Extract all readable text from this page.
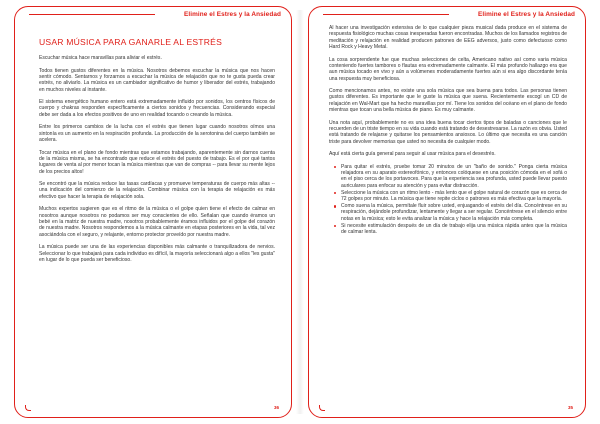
Elimine el Estres y la Ansiedad
USAR MÚSICA PARA GANARLE AL ESTRÉS

Escuchar música hace maravillas para aliviar el estrés.

Todos tienen gustos diferentes en la música. Nosotros debemos escuchar la música que nos hacen sentir cómodo. Sentarnos y forzarnos a escuchar la música de relajación que no te gusta pueda crear estrés, no aliviarlo. La música es un cambiador significativo de humor y liberador del estrés, trabajando en muchos niveles al instante.

El sistema energético humano entero está extremadamente influido por sonidos, los centros físicos de cuerpo y chakras responden específicamente a ciertos sonidos y frecuencias. Considerando especial debe ser dada a los efectos positivos de uno en realidad tocando o creando la música.

Entre los primeros cambios de la lucha con el estrés que tienen lugar cuando nosotros oímos una sintonía es un aumento en la respiración profunda. La producción de la serotonina del cuerpo también se acelera.

Tocar música en el plano de fondo mientras que estamos trabajando, aparentemente sin darnos cuenta de la música misma, se ha encontrado que reduce el estrés del puesto de trabajo. Es el por qué tantos lugares de venta al por menor tocan la música mientras que van de compras -- para llevar su mente lejos de los precios altos!

Se encontró que la música reduce las tasas cardíacas y promueve temperaturas de cuerpo más altas -- una indicación del comienzo de la relajación. Combinar música con la terapia de relajación es más efectivo que hacer la terapia de relajación sola.

Muchos expertos sugieren que es el ritmo de la música o el golpe quien tiene el efecto de calmar en nosotros aunque nosotros no podamos ser muy conscientes de ello. Señalan que cuando éramos un bebé en la matriz de nuestra madre, nosotros probablemente éramos influidos por el golpe del corazón de nuestra madre. Nosotros respondemos a la música calmante en etapas posteriores en la vida, tal vez asociándola con el seguro, y relajante, entorno protector proveído por nuestra madre.

La música puede ser una de las experiencias disponibles más calmante o tranquilizadora de nervios. Seleccionar lo que trabajará para cada individuo es difícil, la mayoría seleccionará algo a ellos "les gusta" en lugar de lo que pueda ser beneficioso.

36
Elimine el Estres y la Ansiedad

Al hacer una investigación extensiva de lo que cualquier pieza musical dada produce en el sistema de respuesta fisiológico muchas cosas inesperadas fueron encontradas. Muchos de los llamados registros de meditación y relajación en realidad producen patrones de EEG adversos, justo como defectuoso como Hard Rock y Heavy Metal.

La cosa sorprendente fue que muchas selecciones de celta, Americano nativo así como varia música conteniendo fuertes tambores o flautas era extremadamente calmante. El más profundo hallazgo era que aun música tocado en vivo y aún a volúmenes moderadamente fuertes aún si era algo discordante tenía una respuesta muy beneficiosa.

Como mencionamos antes, no existe una sola música que sea buena para todos. Las personas tienen gustos diferentes. Es importante que le guste la música que suena. Recientemente escogí un CD de relajación en Wal-Mart que ha hecho maravillas por mí. Tiene los sonidos del océano en el plano de fondo mientras que tocan una bella música de piano. Es muy calmante.

Una nota aquí, probablemente no es una idea buena tocar ciertos tipos de baladas o canciones que le recuerden de un triste tiempo en su vida cuando está tratando de desestresarse. La razón es obvia. Usted está tratando de relajarse y quitarse los pensamientos ansiosos. Lo último que necesita es una canción triste para devolver memorias que usted no necesita de cualquier modo.

Aquí está cierta guía general para seguir al usar música para el desestrés.

Para quitar el estrés, pruebe tomar 20 minutos de un "baño de sonido." Ponga cierta música relajadora en su aparato estereofónico, y entonces colóquese en una posición cómoda en el sofá o en el piso cerca de los portavoces. Para que la experiencia sea profunda, usted puede llevar puesto auriculares para enfocar su atención y para evitar distracción.
Seleccione la música con un ritmo lento - más lento que el golpe natural de corazón que es cerca de 72 golpes por minuto. La música que tiene repite ciclos o patrones es más efectiva que la mayoría.
Como suena la música, permítale fluir sobre usted, enjuagando el estrés del día. Concéntrese en su respiración, dejándole profundizar, lentamente y llegar a ser regular. Concéntrese en el silencio entre notas en la música; esto le evita analizar la música y hace la relajación más completa.
Si necesite estimulación después de un día de trabajo elija una música rápida antes que la música de calmar lenta.
35
